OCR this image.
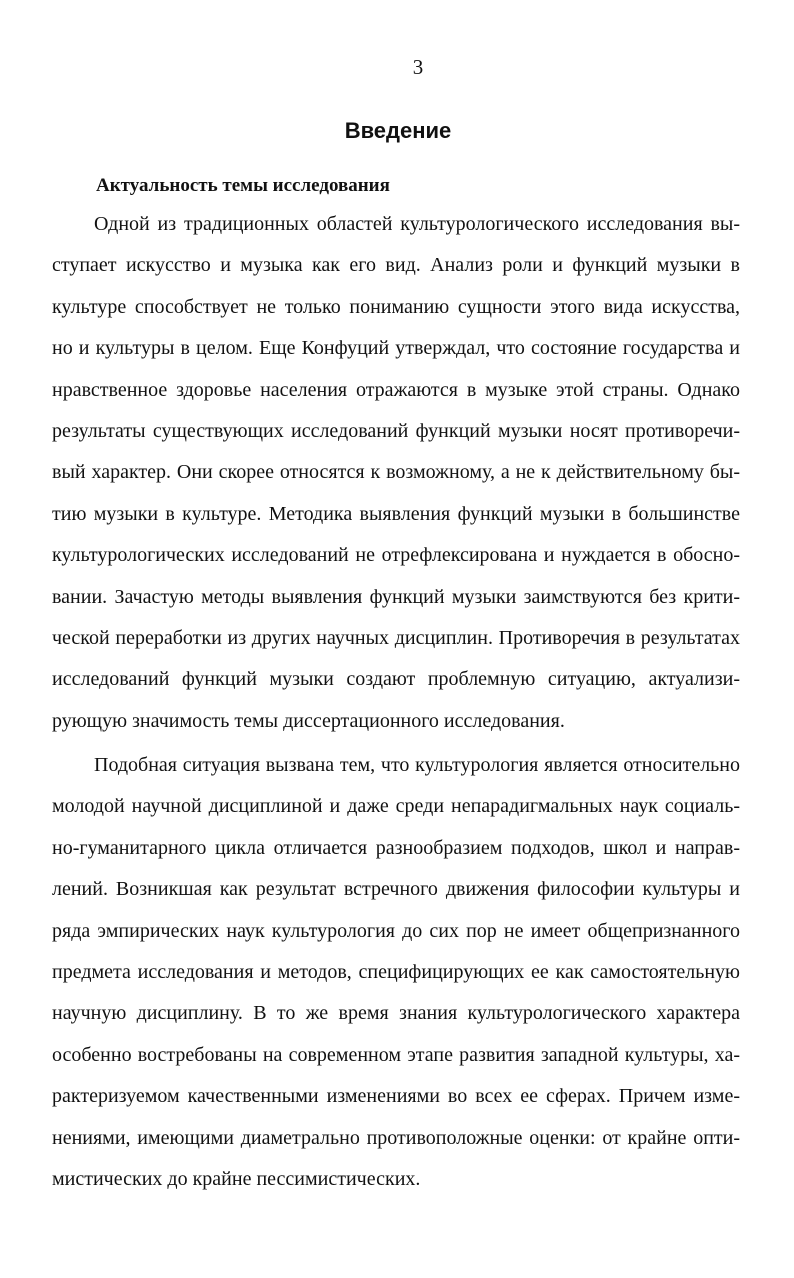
3
Введение
Актуальность темы исследования
Одной из традиционных областей культурологического исследования вы-
ступает искусство и музыка как его вид. Анализ роли и функций музыки в
культуре способствует не только пониманию сущности этого вида искусства,
но и культуры в целом. Еще Конфуций утверждал, что состояние государства и
нравственное здоровье населения отражаются в музыке этой страны. Однако
результаты существующих исследований функций музыки носят противоречи-
вый характер. Они скорее относятся к возможному, а не к действительному бы-
тию музыки в культуре. Методика выявления функций музыки в большинстве
культурологических исследований не отрефлексирована и нуждается в обосно-
вании. Зачастую методы выявления функций музыки заимствуются без крити-
ческой переработки из других научных дисциплин. Противоречия в результатах
исследований функций музыки создают проблемную ситуацию, актуализи-
рующую значимость темы диссертационного исследования.
Подобная ситуация вызвана тем, что культурология является относительно
молодой научной дисциплиной и даже среди непарадигмальных наук социаль-
но-гуманитарного цикла отличается разнообразием подходов, школ и направ-
лений. Возникшая как результат встречного движения философии культуры и
ряда эмпирических наук культурология до сих пор не имеет общепризнанного
предмета исследования и методов, специфицирующих ее как самостоятельную
научную дисциплину. В то же время знания культурологического характера
особенно востребованы на современном этапе развития западной культуры, ха-
рактеризуемом качественными изменениями во всех ее сферах. Причем изме-
нениями, имеющими диаметрально противоположные оценки: от крайне опти-
мистических до крайне пессимистических.
